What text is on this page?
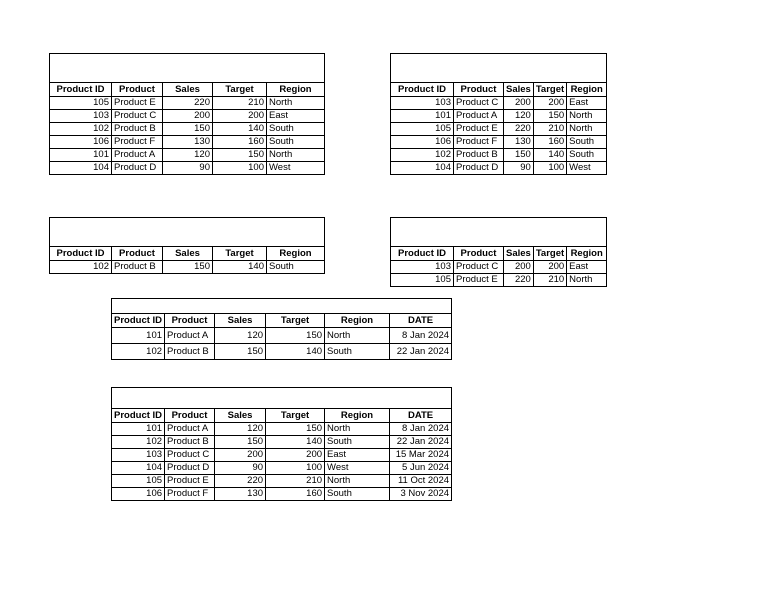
Product ID	Product	Sales	Target	Region
105	Product E	220	210	North
103	Product C	200	200	East
102	Product B	150	140	South
106	Product F	130	160	South
101	Product A	120	150	North
104	Product D	90	100	West

Product ID	Product	Sales	Target	Region
103	Product C	200	200	East
101	Product A	120	150	North
105	Product E	220	210	North
106	Product F	130	160	South
102	Product B	150	140	South
104	Product D	90	100	West

Product ID	Product	Sales	Target	Region
102	Product B	150	140	South

Product ID	Product	Sales	Target	Region
103	Product C	200	200	East
105	Product E	220	210	North

Product ID	Product	Sales	Target	Region	DATE
101	Product A	120	150	North	8 Jan 2024
102	Product B	150	140	South	22 Jan 2024

Product ID	Product	Sales	Target	Region	DATE
101	Product A	120	150	North	8 Jan 2024
102	Product B	150	140	South	22 Jan 2024
103	Product C	200	200	East	15 Mar 2024
104	Product D	90	100	West	5 Jun 2024
105	Product E	220	210	North	11 Oct 2024
106	Product F	130	160	South	3 Nov 2024
